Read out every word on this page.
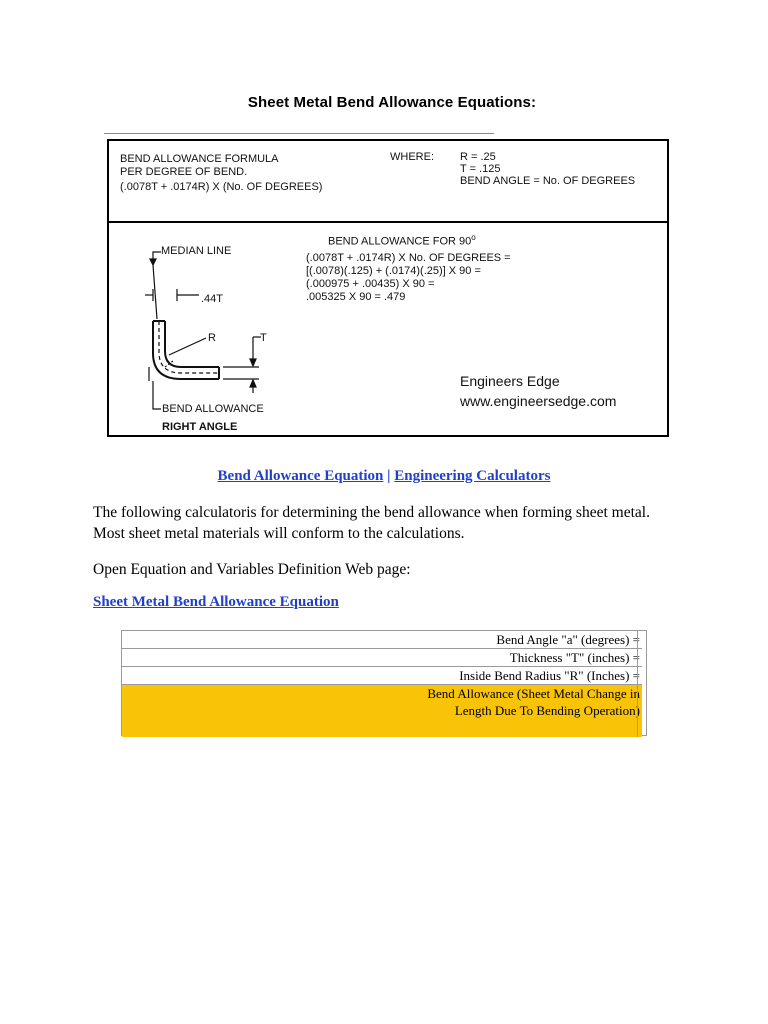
Sheet Metal Bend Allowance Equations:
BEND ALLOWANCE FORMULA
PER DEGREE OF BEND.
(.0078T + .0174R) X (No. OF DEGREES)
WHERE: R = .25
T = .125
BEND ANGLE = No. OF DEGREES
BEND ALLOWANCE FOR 90$^o$
(.0078T + .0174R) X No. OF DEGREES =
[(.0078)(.125) + (.0174)(.25)] X 90 =
(.000975 + .00435) X 90 =
.005325 X 90 = .479
MEDIAN LINE
.44T
R	T
BEND ALLOWANCE
RIGHT ANGLE
Engineers Edge
www.engineersedge.com
Bend Allowance Equation | Engineering Calculators

The following calculatoris for determining the bend allowance when forming sheet metal. Most sheet metal materials will conform to the calculations.

Open Equation and Variables Definition Web page:

Sheet Metal Bend Allowance Equation
Bend Angle "a" (degrees) =
Thickness "T" (inches) =
Inside Bend Radius "R" (Inches) =
Bend Allowance (Sheet Metal Change in
Length Due To Bending Operation)
